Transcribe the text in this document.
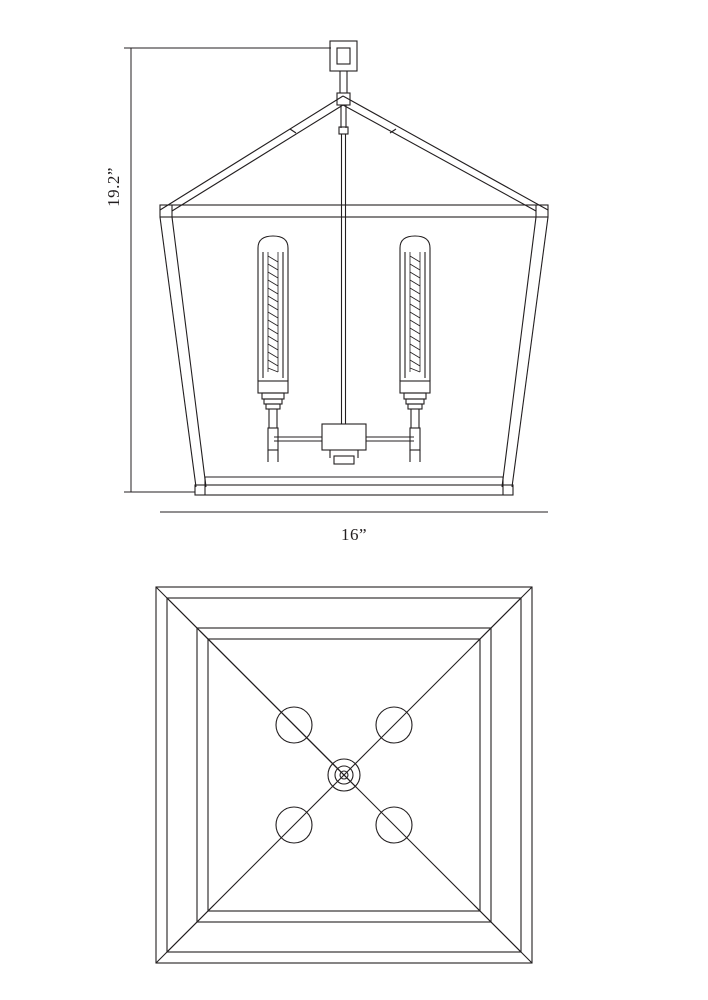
19.2”
16”
